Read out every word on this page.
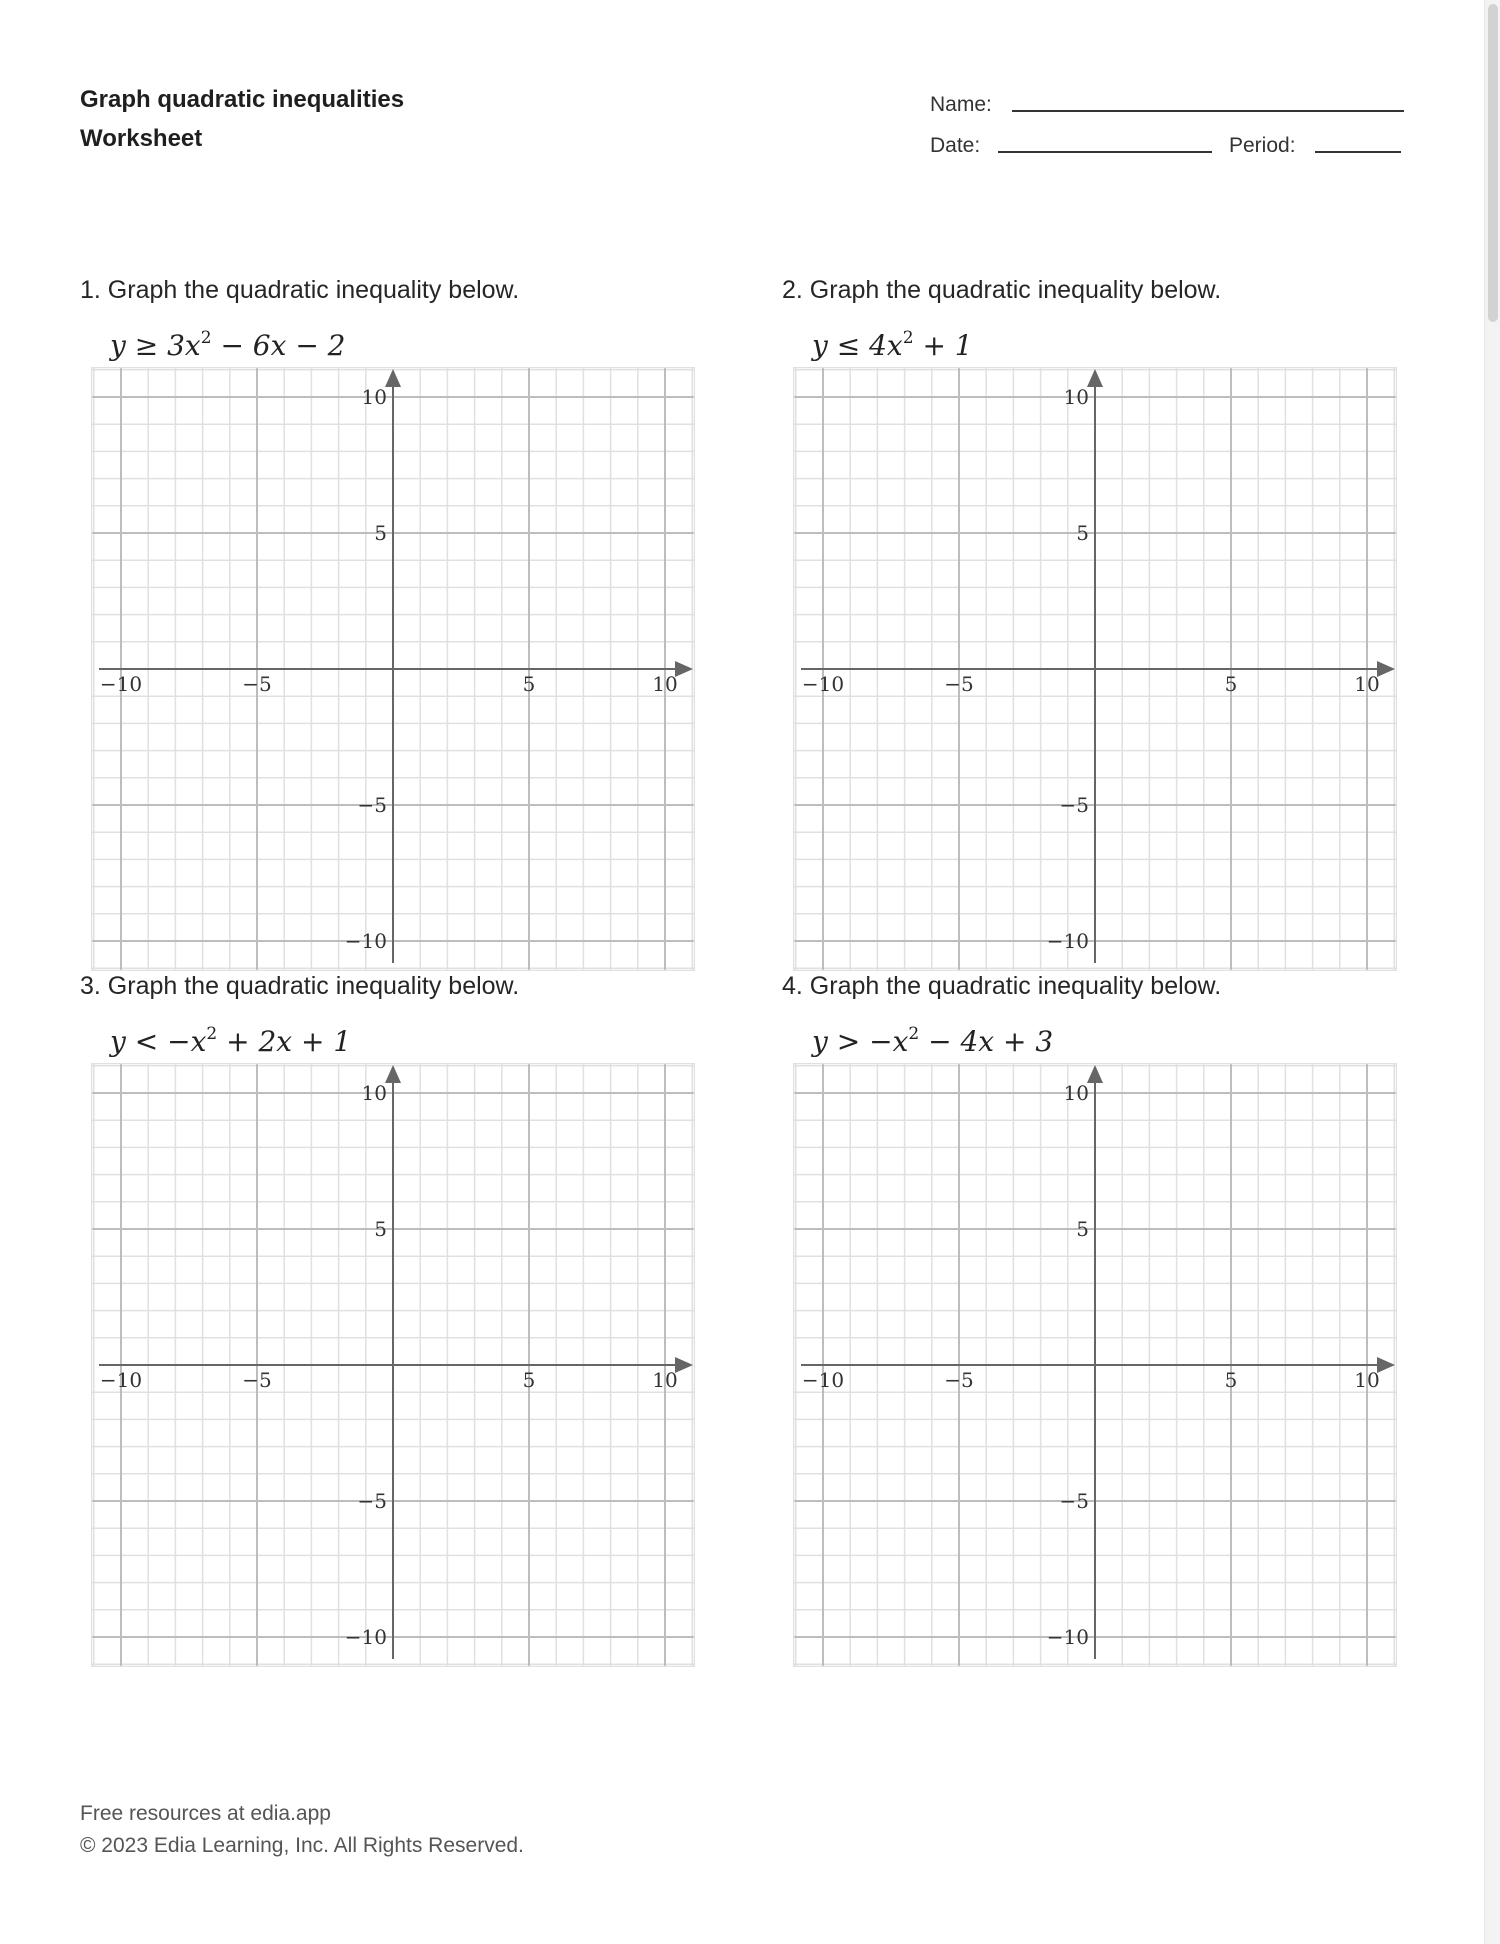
Graph quadratic inequalities
Worksheet
Name:
Date:	Period:
1. Graph the quadratic inequality below.
$y \ge 3x^2 - 6x - 2$
−10	−5	5	10
10
5
−5
−10
2. Graph the quadratic inequality below.
$y \le 4x^2 + 1$
−10	−5	5	10
10
5
−5
−10
3. Graph the quadratic inequality below.
$y < -x^2 + 2x + 1$
−10	−5	5	10
10
5
−5
−10
4. Graph the quadratic inequality below.
$y > -x^2 - 4x + 3$
−10	−5	5	10
10
5
−5
−10
Free resources at edia.app
© 2023 Edia Learning, Inc. All Rights Reserved.
